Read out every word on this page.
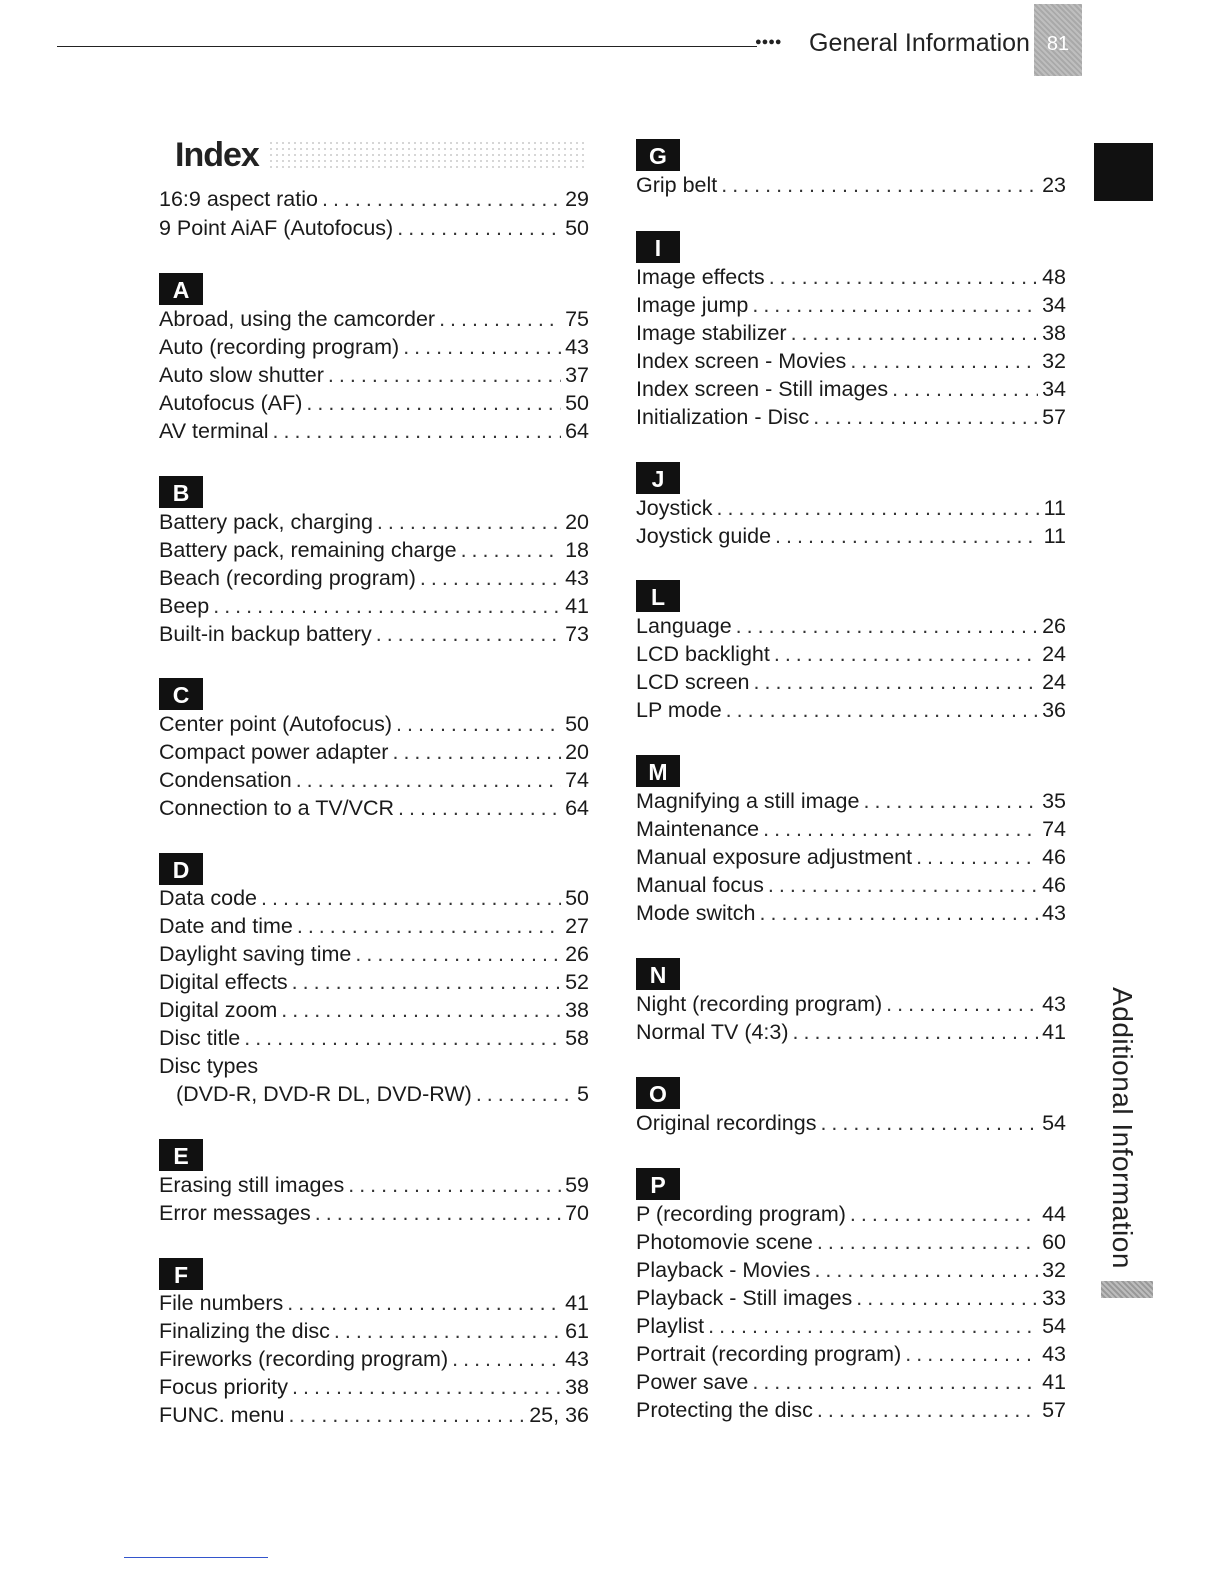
●●●● General Information 81
Additional Information
Index
16:9 aspect ratio .....	29
9 Point AiAF (Autofocus) .....	50
A
Abroad, using the camcorder .....	75
Auto (recording program) .....	43
Auto slow shutter .....	37
Autofocus (AF) .....	50
AV terminal .....	64
B
Battery pack, charging .....	20
Battery pack, remaining charge .....	18
Beach (recording program) .....	43
Beep .....	41
Built-in backup battery .....	73
C
Center point (Autofocus) .....	50
Compact power adapter .....	20
Condensation .....	74
Connection to a TV/VCR .....	64
D
Data code .....	50
Date and time .....	27
Daylight saving time .....	26
Digital effects .....	52
Digital zoom .....	38
Disc title .....	58
Disc types
(DVD-R, DVD-R DL, DVD-RW) .....	5
E
Erasing still images .....	59
Error messages .....	70
F
File numbers .....	41
Finalizing the disc .....	61
Fireworks (recording program) .....	43
Focus priority .....	38
FUNC. menu .....	25, 36
G
Grip belt .....	23
I
Image effects .....	48
Image jump .....	34
Image stabilizer .....	38
Index screen - Movies .....	32
Index screen - Still images .....	34
Initialization - Disc .....	57
J
Joystick .....	11
Joystick guide .....	11
L
Language .....	26
LCD backlight .....	24
LCD screen .....	24
LP mode .....	36
M
Magnifying a still image .....	35
Maintenance .....	74
Manual exposure adjustment .....	46
Manual focus .....	46
Mode switch .....	43
N
Night (recording program) .....	43
Normal TV (4:3) .....	41
O
Original recordings .....	54
P
P (recording program) .....	44
Photomovie scene .....	60
Playback - Movies .....	32
Playback - Still images .....	33
Playlist .....	54
Portrait (recording program) .....	43
Power save .....	41
Protecting the disc .....	57
